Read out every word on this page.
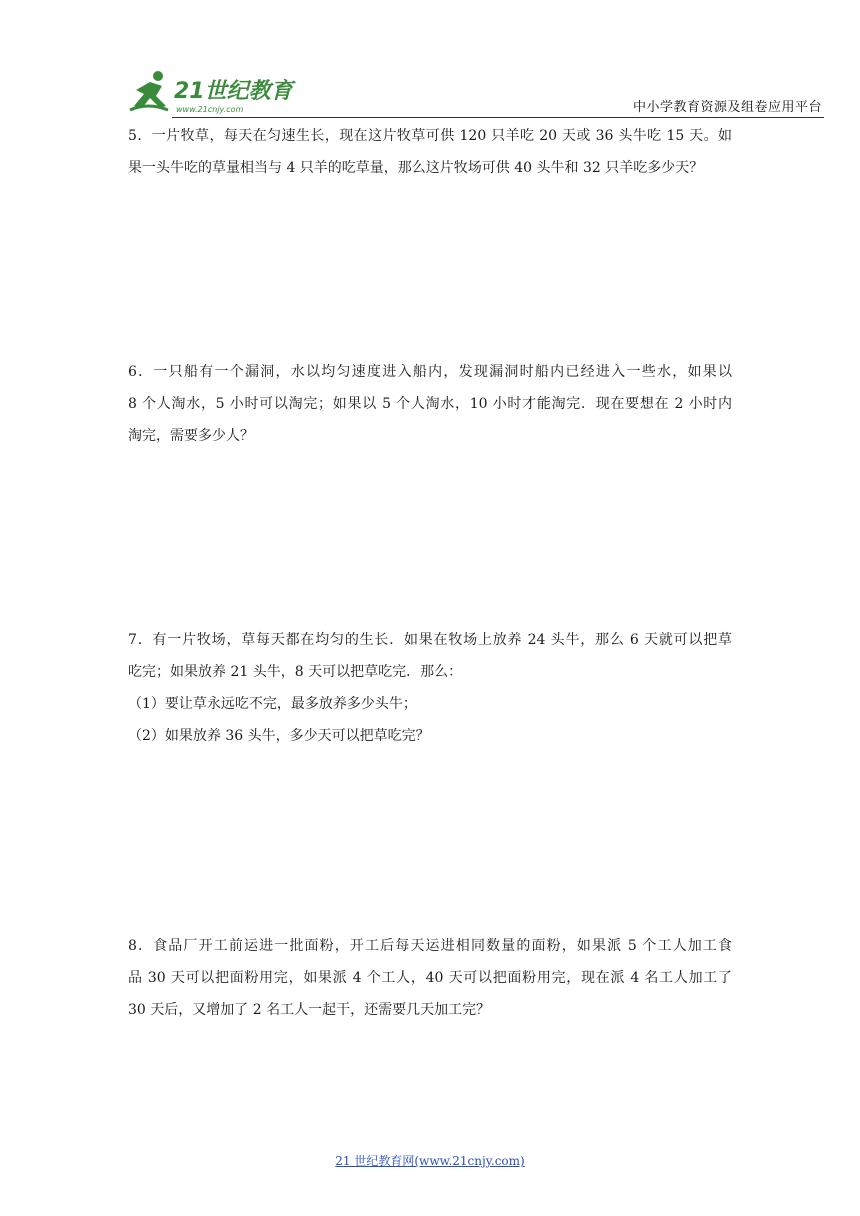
21世纪教育
www.21cnjy.com	中小学教育资源及组卷应用平台
5．一片牧草，每天在匀速生长，现在这片牧草可供 120 只羊吃 20 天或 36 头牛吃 15 天。如
果一头牛吃的草量相当与 4 只羊的吃草量，那么这片牧场可供 40 头牛和 32 只羊吃多少天？
6．一只船有一个漏洞，水以均匀速度进入船内，发现漏洞时船内已经进入一些水，如果以
8 个人淘水，5 小时可以淘完；如果以 5 个人淘水，10 小时才能淘完．现在要想在 2 小时内
淘完，需要多少人？
7．有一片牧场，草每天都在均匀的生长．如果在牧场上放养 24 头牛，那么 6 天就可以把草
吃完；如果放养 21 头牛，8 天可以把草吃完．那么：
（1）要让草永远吃不完，最多放养多少头牛；
（2）如果放养 36 头牛，多少天可以把草吃完？
8．食品厂开工前运进一批面粉，开工后每天运进相同数量的面粉，如果派 5 个工人加工食
品 30 天可以把面粉用完，如果派 4 个工人，40 天可以把面粉用完，现在派 4 名工人加工了
30 天后，又增加了 2 名工人一起干，还需要几天加工完？
21 世纪教育网(www.21cnjy.com)
